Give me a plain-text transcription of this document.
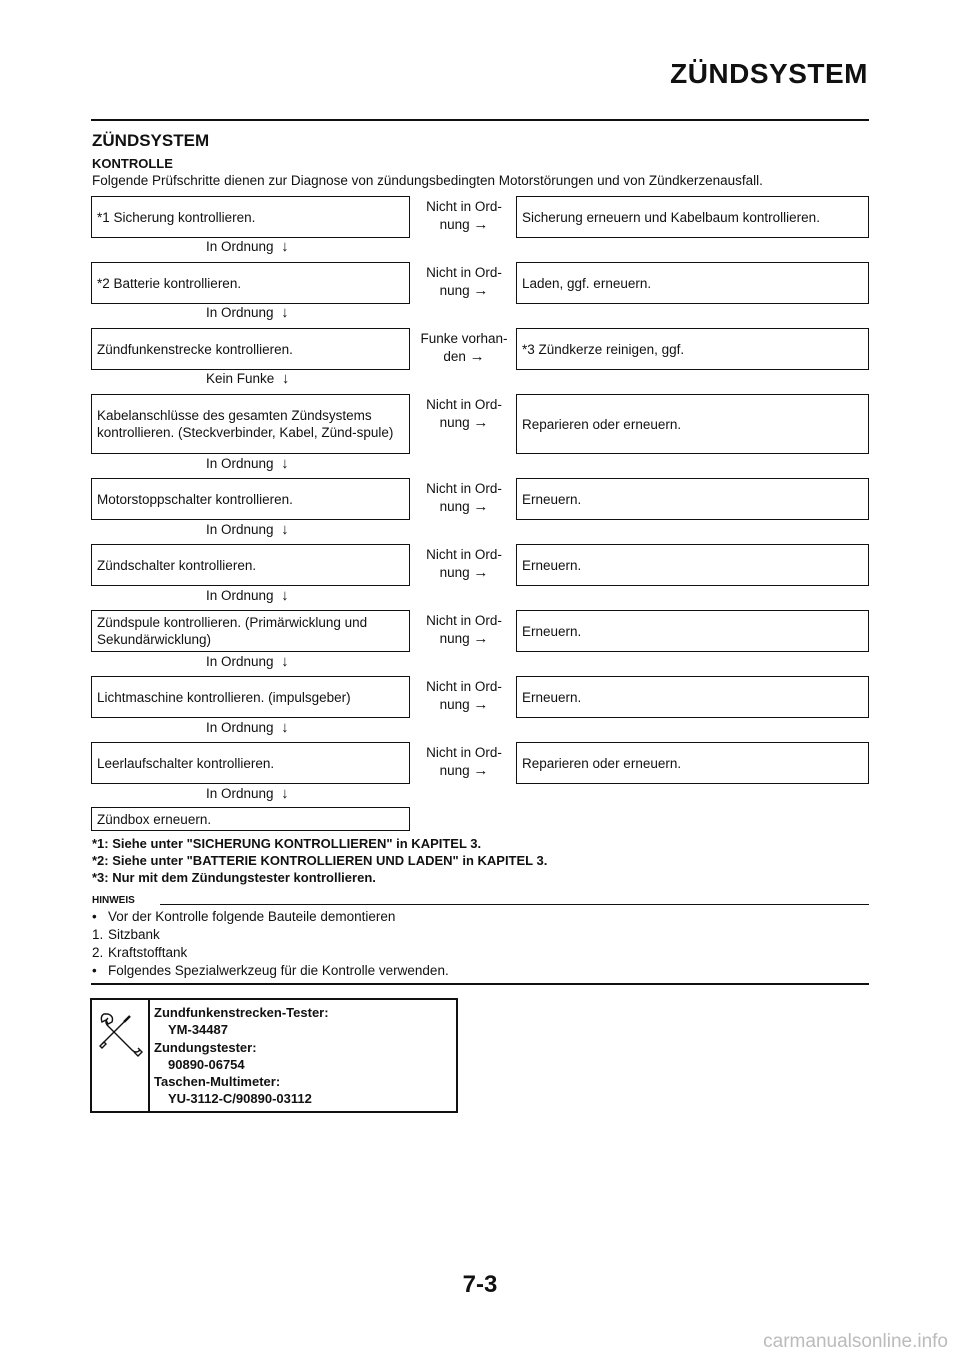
ZÜNDSYSTEM
ZÜNDSYSTEM
KONTROLLE
Folgende Prüfschritte dienen zur Diagnose von zündungsbedingten Motorstörungen und von Zündkerzenausfall.
*1 Sicherung kontrollieren.
Nicht in Ord-
nung →	Sicherung erneuern und Kabelbaum kontrollieren.
In Ordnung ↓
*2 Batterie kontrollieren.
Nicht in Ord-
nung →	Laden, ggf. erneuern.
In Ordnung ↓
Zündfunkenstrecke kontrollieren.
Funke vorhan-
den →	*3 Zündkerze reinigen, ggf.
Kein Funke ↓
Kabelanschlüsse des gesamten Zündsystems kontrollieren. (Steckverbinder, Kabel, Zünd-spule)
Nicht in Ord-
nung →	Reparieren oder erneuern.
In Ordnung ↓
Motorstoppschalter kontrollieren.
Nicht in Ord-
nung →	Erneuern.
In Ordnung ↓
Zündschalter kontrollieren.
Nicht in Ord-
nung →	Erneuern.
In Ordnung ↓
Zündspule kontrollieren. (Primärwicklung und Sekundärwicklung)
Nicht in Ord-
nung →	Erneuern.
In Ordnung ↓
Lichtmaschine kontrollieren. (impulsgeber)
Nicht in Ord-
nung →	Erneuern.
In Ordnung ↓
Leerlaufschalter kontrollieren.
Nicht in Ord-
nung →	Reparieren oder erneuern.
In Ordnung ↓
Zündbox erneuern.
*1: Siehe unter "SICHERUNG KONTROLLIEREN" in KAPITEL 3.
*2: Siehe unter "BATTERIE KONTROLLIEREN UND LADEN" in KAPITEL 3.
*3: Nur mit dem Zündungstester kontrollieren.
HINWEIS
• Vor der Kontrolle folgende Bauteile demontieren
1. Sitzbank
2. Kraftstofftank
• Folgendes Spezialwerkzeug für die Kontrolle verwenden.
Zundfunkenstrecken-Tester:
YM-34487
Zundungstester:
90890-06754
Taschen-Multimeter:
YU-3112-C/90890-03112
7-3
carmanualsonline.info
